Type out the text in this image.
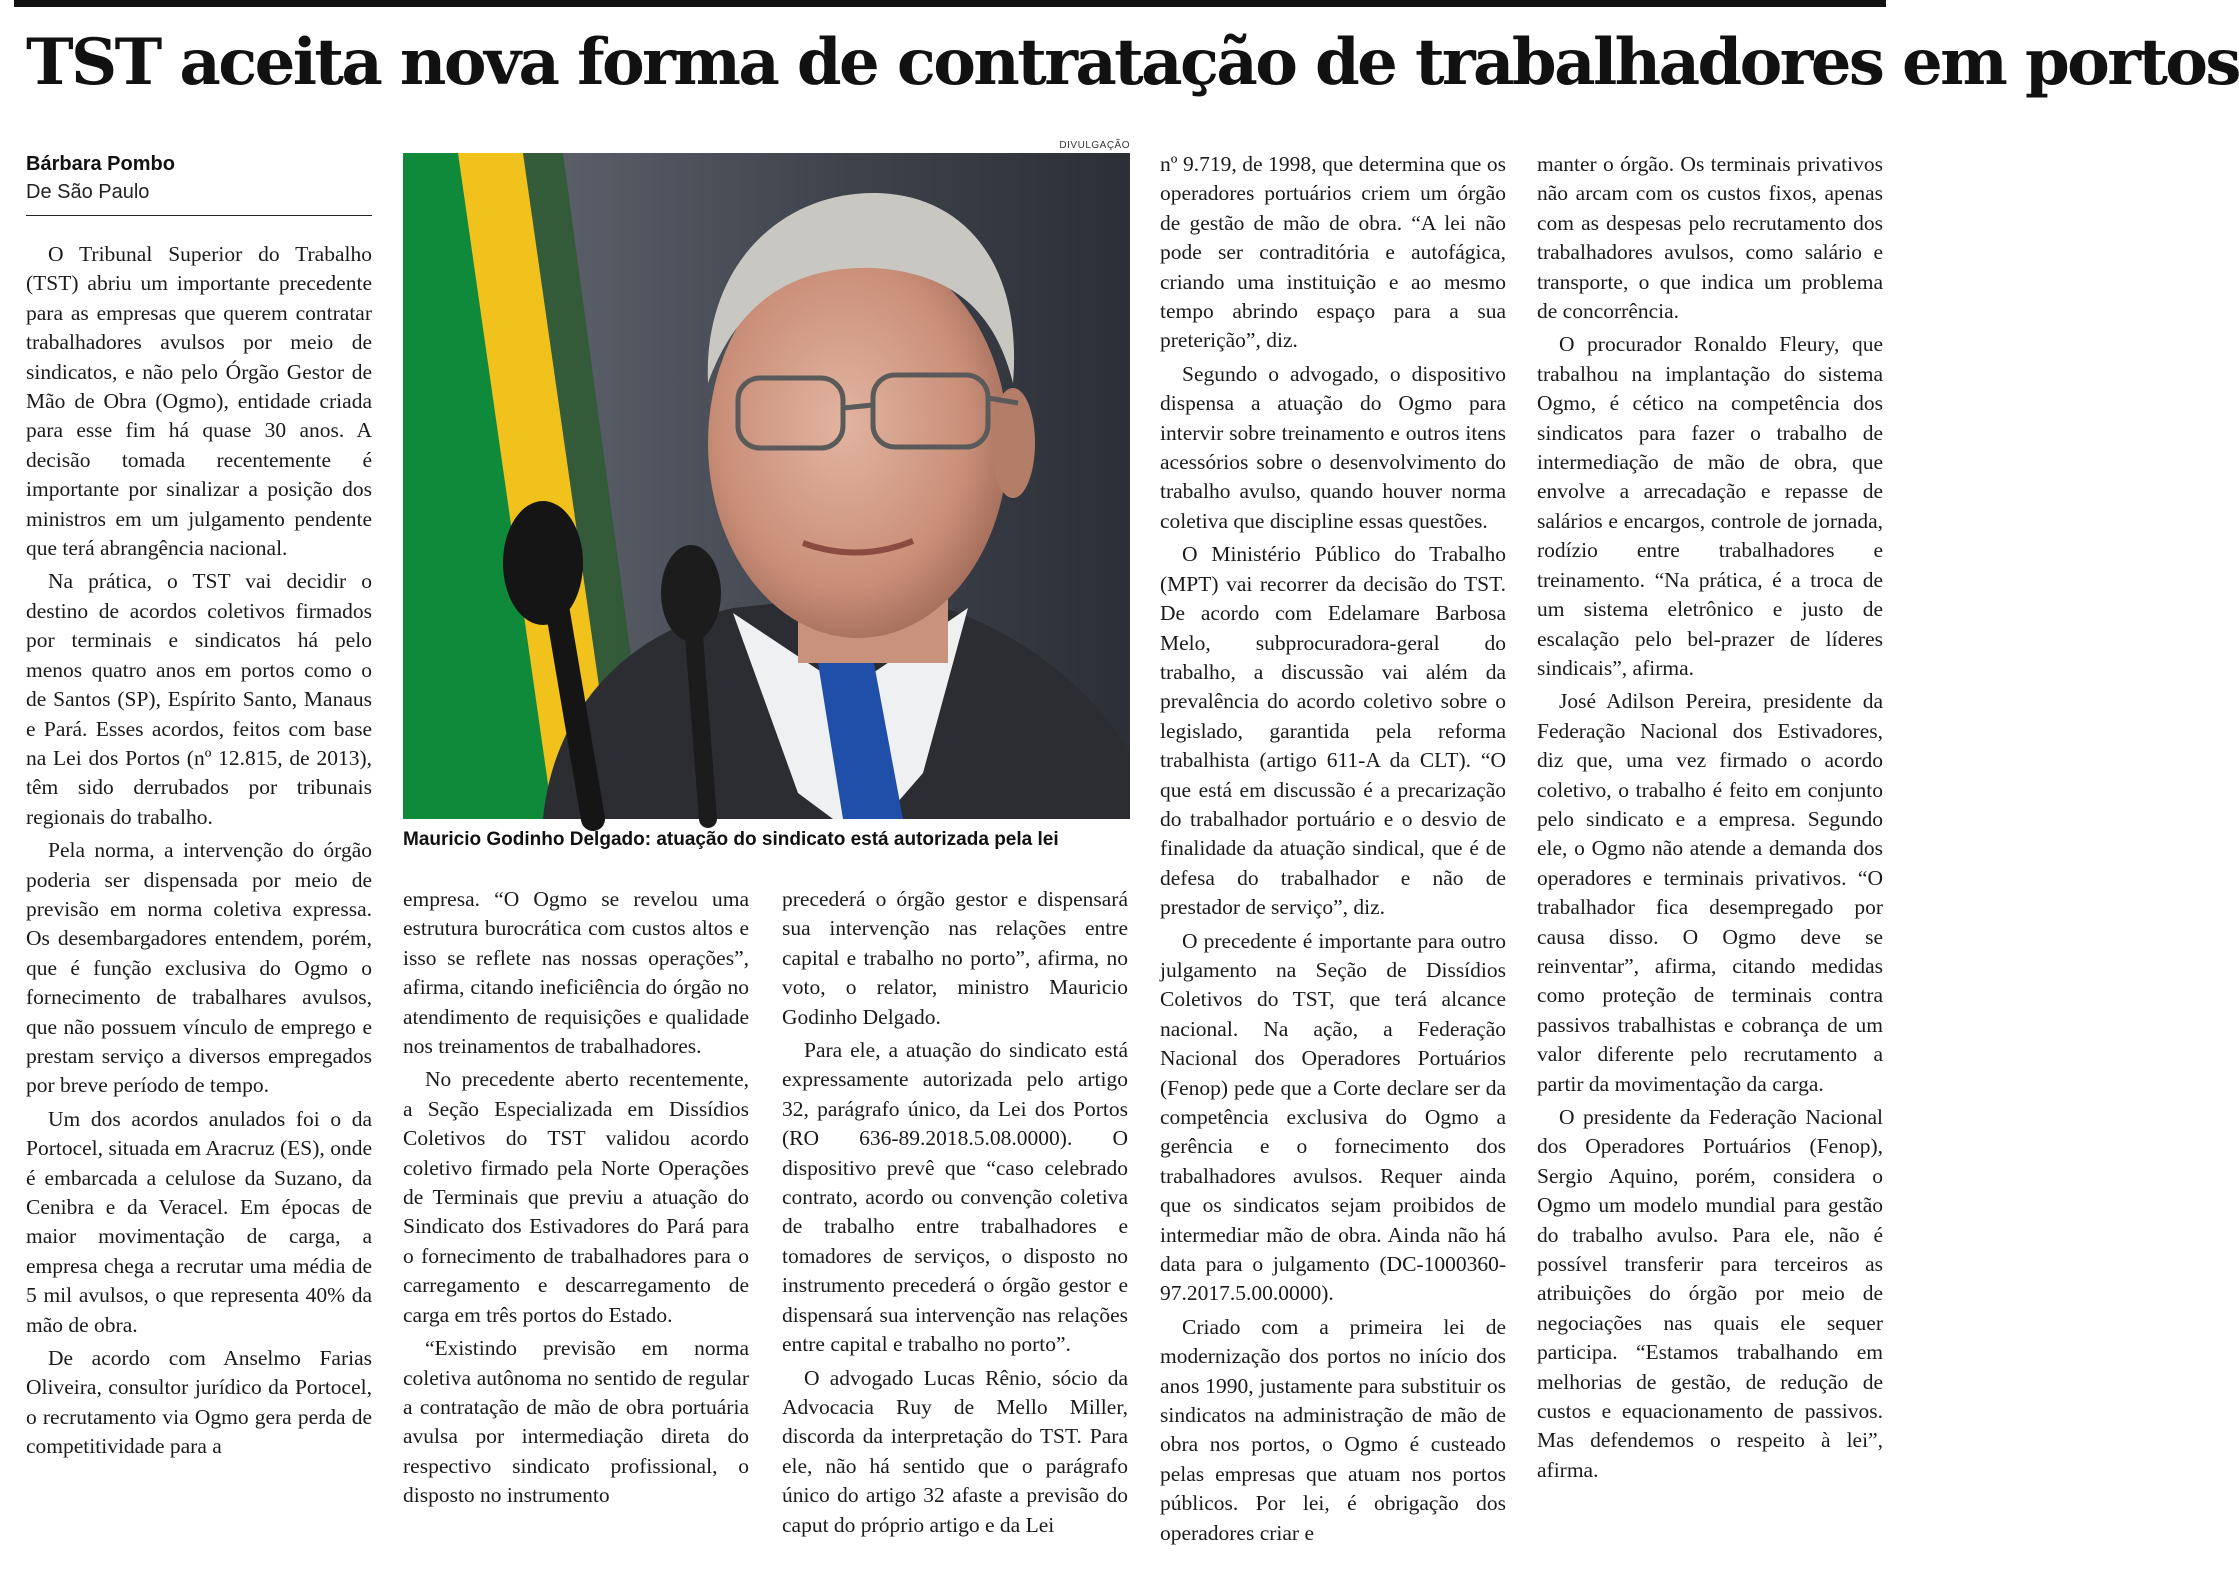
TST aceita nova forma de contratação de trabalhadores em portos
Bárbara Pombo
De São Paulo

O Tribunal Superior do Trabalho (TST) abriu um importante precedente para as empresas que querem contratar trabalhadores avulsos por meio de sindicatos, e não pelo Órgão Gestor de Mão de Obra (Ogmo), entidade criada para esse fim há quase 30 anos. A decisão tomada recentemente é importante por sinalizar a posição dos ministros em um julgamento pendente que terá abrangência nacional.

Na prática, o TST vai decidir o destino de acordos coletivos firmados por terminais e sindicatos há pelo menos quatro anos em portos como o de Santos (SP), Espírito Santo, Manaus e Pará. Esses acordos, feitos com base na Lei dos Portos (nº 12.815, de 2013), têm sido derrubados por tribunais regionais do trabalho.

Pela norma, a intervenção do órgão poderia ser dispensada por meio de previsão em norma coletiva expressa. Os desembargadores entendem, porém, que é função exclusiva do Ogmo o fornecimento de trabalhares avulsos, que não possuem vínculo de emprego e prestam serviço a diversos empregados por breve período de tempo.

Um dos acordos anulados foi o da Portocel, situada em Aracruz (ES), onde é embarcada a celulose da Suzano, da Cenibra e da Veracel. Em épocas de maior movimentação de carga, a empresa chega a recrutar uma média de 5 mil avulsos, o que representa 40% da mão de obra.

De acordo com Anselmo Farias Oliveira, consultor jurídico da Portocel, o recrutamento via Ogmo gera perda de competitividade para a

DIVULGAÇÃO
Mauricio Godinho Delgado: atuação do sindicato está autorizada pela lei

empresa. “O Ogmo se revelou uma estrutura burocrática com custos altos e isso se reflete nas nossas operações”, afirma, citando ineficiência do órgão no atendimento de requisições e qualidade nos treinamentos de trabalhadores.

No precedente aberto recentemente, a Seção Especializada em Dissídios Coletivos do TST validou acordo coletivo firmado pela Norte Operações de Terminais que previu a atuação do Sindicato dos Estivadores do Pará para o fornecimento de trabalhadores para o carregamento e descarregamento de carga em três portos do Estado.

“Existindo previsão em norma coletiva autônoma no sentido de regular a contratação de mão de obra portuária avulsa por intermediação direta do respectivo sindicato profissional, o disposto no instrumento

precederá o órgão gestor e dispensará sua intervenção nas relações entre capital e trabalho no porto”, afirma, no voto, o relator, ministro Mauricio Godinho Delgado.

Para ele, a atuação do sindicato está expressamente autorizada pelo artigo 32, parágrafo único, da Lei dos Portos (RO 636-89.2018.5.08.0000). O dispositivo prevê que “caso celebrado contrato, acordo ou convenção coletiva de trabalho entre trabalhadores e tomadores de serviços, o disposto no instrumento precederá o órgão gestor e dispensará sua intervenção nas relações entre capital e trabalho no porto”.

O advogado Lucas Rênio, sócio da Advocacia Ruy de Mello Miller, discorda da interpretação do TST. Para ele, não há sentido que o parágrafo único do artigo 32 afaste a previsão do caput do próprio artigo e da Lei

nº 9.719, de 1998, que determina que os operadores portuários criem um órgão de gestão de mão de obra. “A lei não pode ser contraditória e autofágica, criando uma instituição e ao mesmo tempo abrindo espaço para a sua preterição”, diz.

Segundo o advogado, o dispositivo dispensa a atuação do Ogmo para intervir sobre treinamento e outros itens acessórios sobre o desenvolvimento do trabalho avulso, quando houver norma coletiva que discipline essas questões.

O Ministério Público do Trabalho (MPT) vai recorrer da decisão do TST. De acordo com Edelamare Barbosa Melo, subprocuradora-geral do trabalho, a discussão vai além da prevalência do acordo coletivo sobre o legislado, garantida pela reforma trabalhista (artigo 611-A da CLT). “O que está em discussão é a precarização do trabalhador portuário e o desvio de finalidade da atuação sindical, que é de defesa do trabalhador e não de prestador de serviço”, diz.

O precedente é importante para outro julgamento na Seção de Dissídios Coletivos do TST, que terá alcance nacional. Na ação, a Federação Nacional dos Operadores Portuários (Fenop) pede que a Corte declare ser da competência exclusiva do Ogmo a gerência e o fornecimento dos trabalhadores avulsos. Requer ainda que os sindicatos sejam proibidos de intermediar mão de obra. Ainda não há data para o julgamento (DC-1000360-97.2017.5.00.0000).

Criado com a primeira lei de modernização dos portos no início dos anos 1990, justamente para substituir os sindicatos na administração de mão de obra nos portos, o Ogmo é custeado pelas empresas que atuam nos portos públicos. Por lei, é obrigação dos operadores criar e

manter o órgão. Os terminais privativos não arcam com os custos fixos, apenas com as despesas pelo recrutamento dos trabalhadores avulsos, como salário e transporte, o que indica um problema de concorrência.

O procurador Ronaldo Fleury, que trabalhou na implantação do sistema Ogmo, é cético na competência dos sindicatos para fazer o trabalho de intermediação de mão de obra, que envolve a arrecadação e repasse de salários e encargos, controle de jornada, rodízio entre trabalhadores e treinamento. “Na prática, é a troca de um sistema eletrônico e justo de escalação pelo bel-prazer de líderes sindicais”, afirma.

José Adilson Pereira, presidente da Federação Nacional dos Estivadores, diz que, uma vez firmado o acordo coletivo, o trabalho é feito em conjunto pelo sindicato e a empresa. Segundo ele, o Ogmo não atende a demanda dos operadores e terminais privativos. “O trabalhador fica desempregado por causa disso. O Ogmo deve se reinventar”, afirma, citando medidas como proteção de terminais contra passivos trabalhistas e cobrança de um valor diferente pelo recrutamento a partir da movimentação da carga.

O presidente da Federação Nacional dos Operadores Portuários (Fenop), Sergio Aquino, porém, considera o Ogmo um modelo mundial para gestão do trabalho avulso. Para ele, não é possível transferir para terceiros as atribuições do órgão por meio de negociações nas quais ele sequer participa. “Estamos trabalhando em melhorias de gestão, de redução de custos e equacionamento de passivos. Mas defendemos o respeito à lei”, afirma.
